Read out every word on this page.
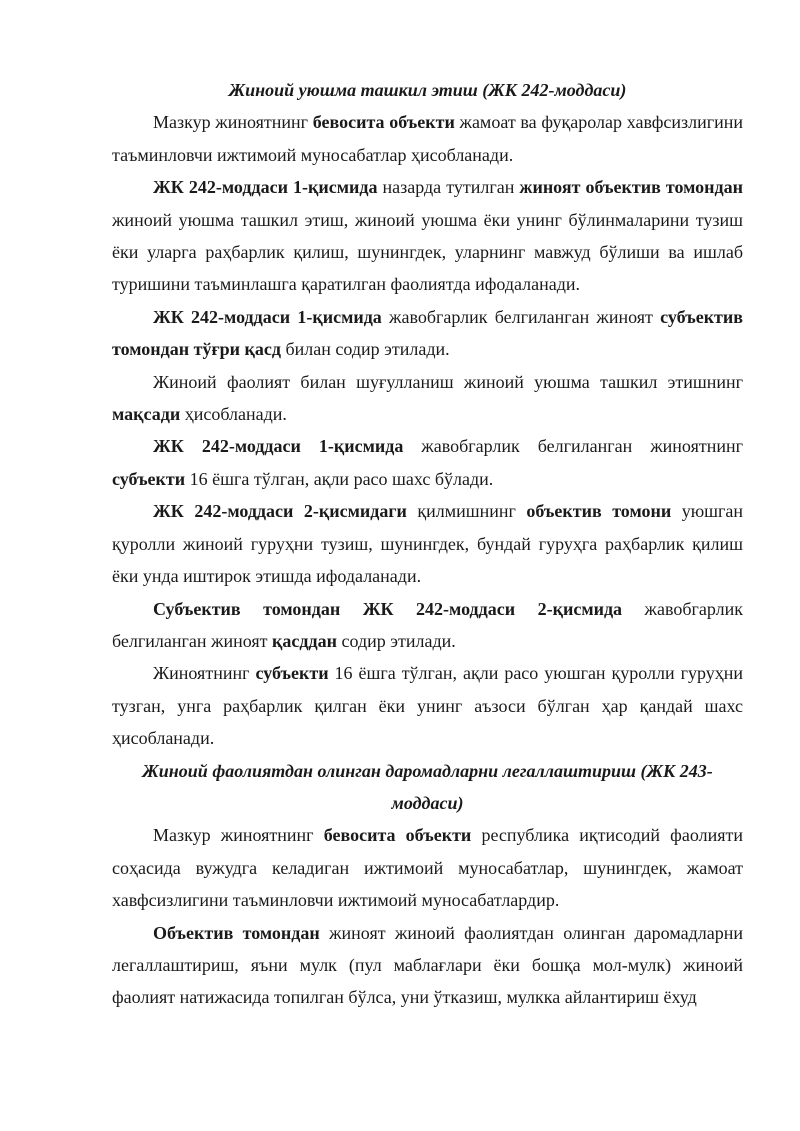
Жиноий уюшма ташкил этиш (ЖК 242-моддаси)

Мазкур жиноятнинг бевосита объекти жамоат ва фуқаролар хавфсизлигини таъминловчи ижтимоий муносабатлар ҳисобланади.

ЖК 242-моддаси 1-қисмида назарда тутилган жиноят объектив томондан жиноий уюшма ташкил этиш, жиноий уюшма ёки унинг бўлинмаларини тузиш ёки уларга раҳбарлик қилиш, шунингдек, уларнинг мавжуд бўлиши ва ишлаб туришини таъминлашга қаратилган фаолиятда ифодаланади.

ЖК 242-моддаси 1-қисмида жавобгарлик белгиланган жиноят субъектив томондан тўғри қасд билан содир этилади.

Жиноий фаолият билан шуғулланиш жиноий уюшма ташкил этишнинг мақсади ҳисобланади.

ЖК 242-моддаси 1-қисмида жавобгарлик белгиланган жиноятнинг субъекти 16 ёшга тўлган, ақли расо шахс бўлади.

ЖК 242-моддаси 2-қисмидаги қилмишнинг объектив томони уюшган қуролли жиноий гуруҳни тузиш, шунингдек, бундай гуруҳга раҳбарлик қилиш ёки унда иштирок этишда ифодаланади.

Субъектив томондан ЖК 242-моддаси 2-қисмида жавобгарлик белгиланган жиноят қасддан содир этилади.

Жиноятнинг субъекти 16 ёшга тўлган, ақли расо уюшган қуролли гуруҳни тузган, унга раҳбарлик қилган ёки унинг аъзоси бўлган ҳар қандай шахс ҳисобланади.

Жиноий фаолиятдан олинган даромадларни легаллаштириш (ЖК 243-моддаси)

Мазкур жиноятнинг бевосита объекти республика иқтисодий фаолияти соҳасида вужудга келадиган ижтимоий муносабатлар, шунингдек, жамоат хавфсизлигини таъминловчи ижтимоий муносабатлардир.

Объектив томондан жиноят жиноий фаолиятдан олинган даромадларни легаллаштириш, яъни мулк (пул маблағлари ёки бошқа мол-мулк) жиноий фаолият натижасида топилган бўлса, уни ўтказиш, мулкка айлантириш ёхуд
